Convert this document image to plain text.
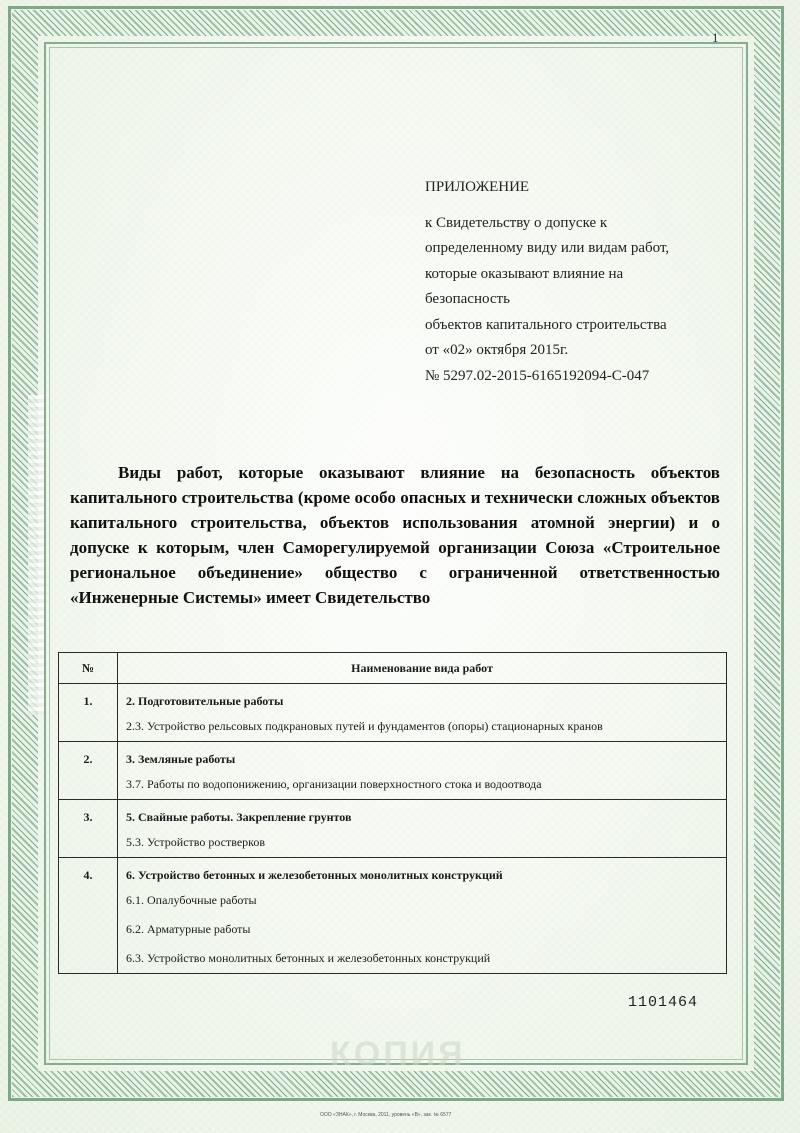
1
ПРИЛОЖЕНИЕ
к Свидетельству о допуске к
определенному виду или видам работ,
которые оказывают влияние на
безопасность
объектов капитального строительства
от «02» октября 2015г.
№ 5297.02-2015-6165192094-С-047
Виды работ, которые оказывают влияние на безопасность объектов капитального строительства (кроме особо опасных и технически сложных объектов капитального строительства, объектов использования атомной энергии) и о допуске к которым, член Саморегулируемой организации Союза «Строительное региональное объединение» общество с ограниченной ответственностью «Инженерные Системы» имеет Свидетельство
№	Наименование вида работ
1.	2. Подготовительные работы
2.3. Устройство рельсовых подкрановых путей и фундаментов (опоры) стационарных кранов

2.	3. Земляные работы
3.7. Работы по водопонижению, организации поверхностного стока и водоотвода

3.	5. Свайные работы. Закрепление грунтов
5.3. Устройство ростверков

4.	6. Устройство бетонных и железобетонных монолитных конструкций
6.1. Опалубочные работы
6.2. Арматурные работы
6.3. Устройство монолитных бетонных и железобетонных конструкций
1101464
КОПИЯ
ООО «ЗНАК», г. Москва, 2011, уровень «В», зак. № 6577
